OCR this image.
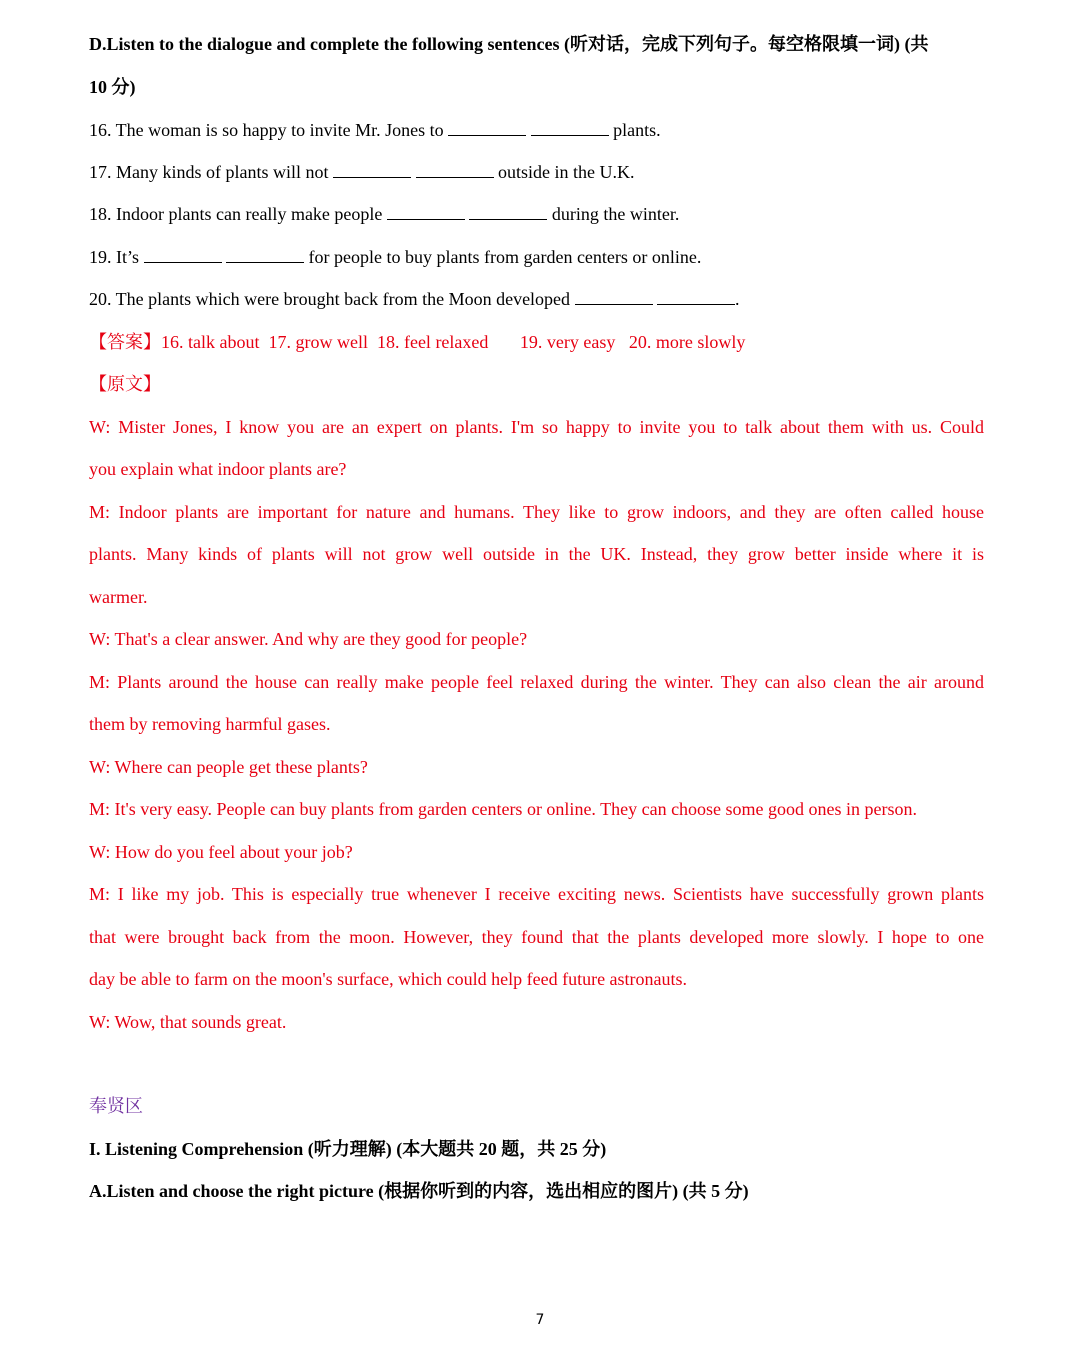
D.Listen to the dialogue and complete the following sentences (听对话，完成下列句子。每空格限填一词) (共
10 分)
16. The woman is so happy to invite Mr. Jones to	plants.
17. Many kinds of plants will not	outside in the U.K.
18. Indoor plants can really make people	during the winter.
19. It’s	for people to buy plants from garden centers or online.
20. The plants which were brought back from the Moon developed	.
【答案】16. talk about  17. grow well  18. feel relaxed       19. very easy   20. more slowly
【原文】
W: Mister Jones, I know you are an expert on plants. I'm so happy to invite you to talk about them with us. Could
you explain what indoor plants are?
M: Indoor plants are important for nature and humans. They like to grow indoors, and they are often called house
plants. Many kinds of plants will not grow well outside in the UK. Instead, they grow better inside where it is
warmer.
W: That's a clear answer. And why are they good for people?
M: Plants around the house can really make people feel relaxed during the winter. They can also clean the air around
them by removing harmful gases.
W: Where can people get these plants?
M: It's very easy. People can buy plants from garden centers or online. They can choose some good ones in person.
W: How do you feel about your job?
M: I like my job. This is especially true whenever I receive exciting news. Scientists have successfully grown plants
that were brought back from the moon. However, they found that the plants developed more slowly. I hope to one
day be able to farm on the moon's surface, which could help feed future astronauts.
W: Wow, that sounds great.
奉贤区
I. Listening Comprehension (听力理解) (本大题共 20 题，共 25 分)
A.Listen and choose the right picture (根据你听到的内容，选出相应的图片) (共 5 分)
7
